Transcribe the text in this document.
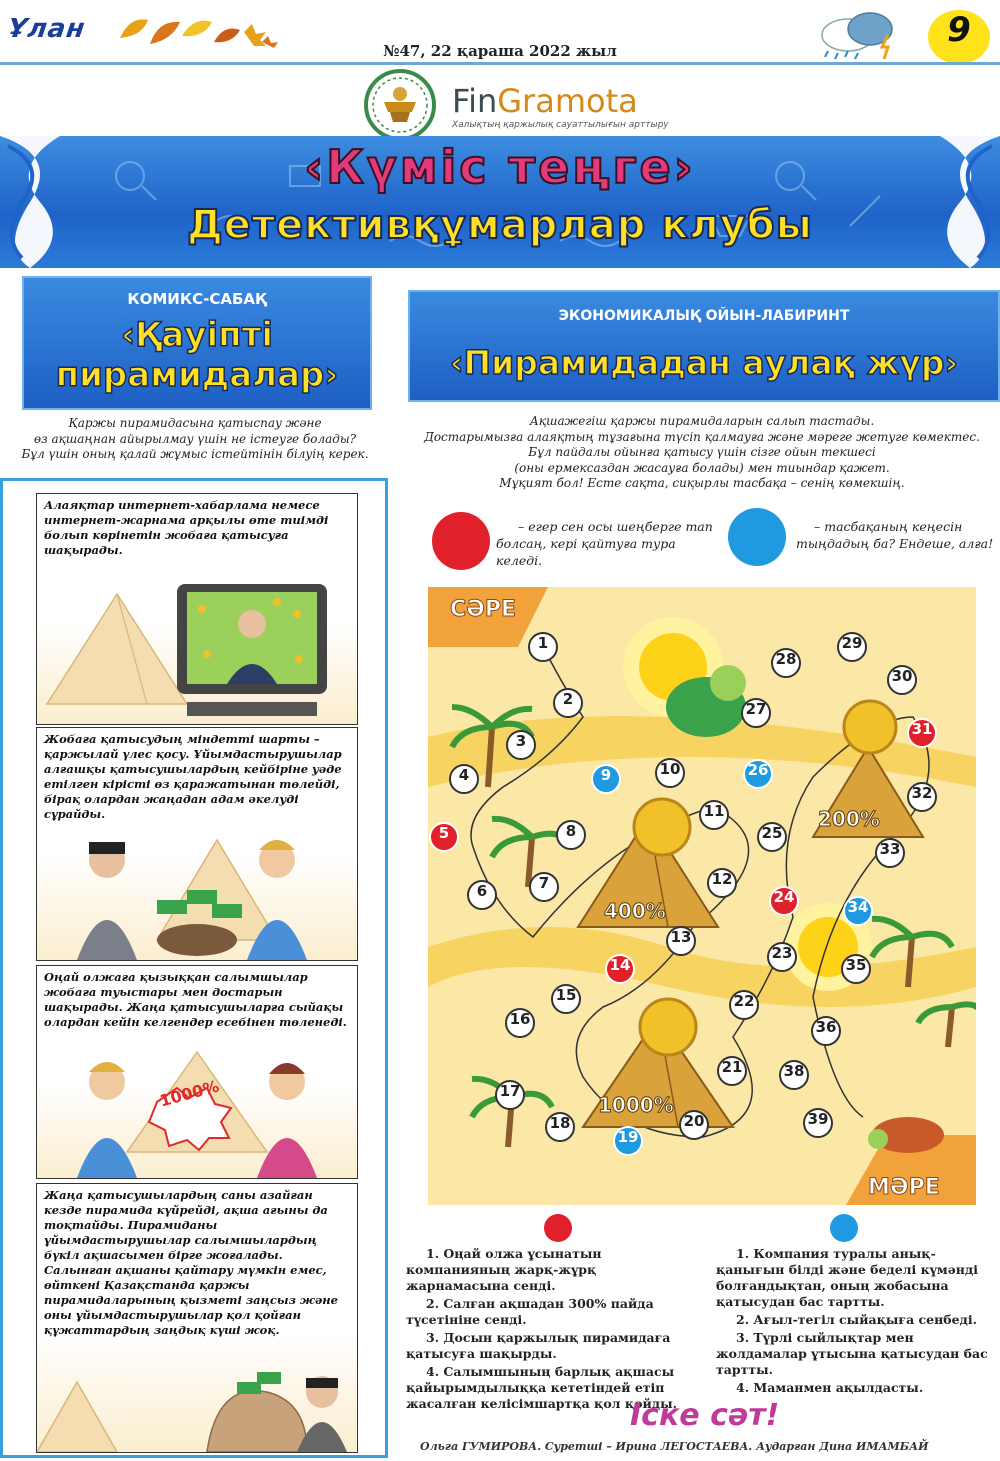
Ұлан
№47, 22 қараша 2022 жыл
9
FinGramota
Халықтың қаржылық сауаттылығын арттыру
‹Күміс теңге›
Детективқұмарлар клубы
КОМИКС-САБАҚ
‹Қауіпті
пирамидалар›
Қаржы пирамидасына қатыспау және
өз ақшаңнан айырылмау үшін не істеуге болады?
Бұл үшін оның қалай жұмыс істейтінін білуің керек.
ЭКОНОМИКАЛЫҚ ОЙЫН-ЛАБИРИНТ
‹Пирамидадан аулақ жүр›
Ақшажегіш қаржы пирамидаларын салып тастады.
Достарымызға алаяқтың тұзағына түсіп қалмауға және мәреге жетуге көмектес.
Бұл пайдалы ойынға қатысу үшін сізге ойын текшесі
(оны ермексаздан жасауға болады) мен тиындар қажет.
Мұқият бол! Есте сақта, сиқырлы тасбақа – сенің көмекшің.
Алаяқтар интернет-хабарлама немесе интернет-жарнама арқылы өте тиімді болып көрінетін жобаға қатысуға шақырады.
Жобаға қатысудың міндетті шарты – қаржылай үлес қосу. Ұйымдастырушылар алғашқы қатысушылардың кейбіріне уәде етілген кірісті өз қаражатынан төлейді, бірақ олардан жаңадан адам әкелуді сұрайды.
Оңай олжаға қызыққан салымшылар жобаға туыстары мен достарын шақырады. Жаңа қатысушыларға сыйақы олардан кейін келгендер есебінен төленеді.
1000%
Жаңа қатысушылардың саны азайған кезде пирамида күйрейді, ақша ағыны да тоқтайды. Пирамиданы ұйымдастырушылар салымшылардың бүкіл ақшасымен бірге жоғалады. Салынған ақшаны қайтару мүмкін емес, өйткені Қазақстанда қаржы пирамидаларының қызметі заңсыз және оны ұйымдастырушылар қол қойған құжаттардың заңдық күші жоқ.
– егер сен осы шеңберге тап
болсаң, кері қайтуға тура келеді.
– тасбақаның кеңесін
тыңдадың ба? Ендеше, алға!
СӘРЕ
МӘРЕ
200%
400%
1000%
1
2
3
4
5
6	7
8
9	10
11
12
13
14
15
16
17
18
19
20
21
22
23
24
25
26
27
28
29
30
31
32
33
34
35
36
38
39

1. Оңай олжа ұсынатын компанияның жарқ-жұрқ жарнамасына сенді.

2. Салған ақшадан 300% пайда түсетініне сенді.

3. Досын қаржылық пирамидаға қатысуға шақырды.

4. Салымшының барлық ақшасы қайырымдылыққа кететіндей етіп жасалған келісімшартқа қол қойды.

1. Компания туралы анық-қанығын білді және беделі күмәнді болғандықтан, оның жобасына қатысудан бас тартты.

2. Ағыл-тегіл сыйақыға сенбеді.

3. Түрлі сыйлықтар мен жолдамалар ұтысына қатысудан бас тартты.

4. Маманмен ақылдасты.

Іске сәт!
Ольга ГУМИРОВА. Суретші – Ирина ЛЕГОСТАЕВА. Аударған Дина ИМАМБАЙ
